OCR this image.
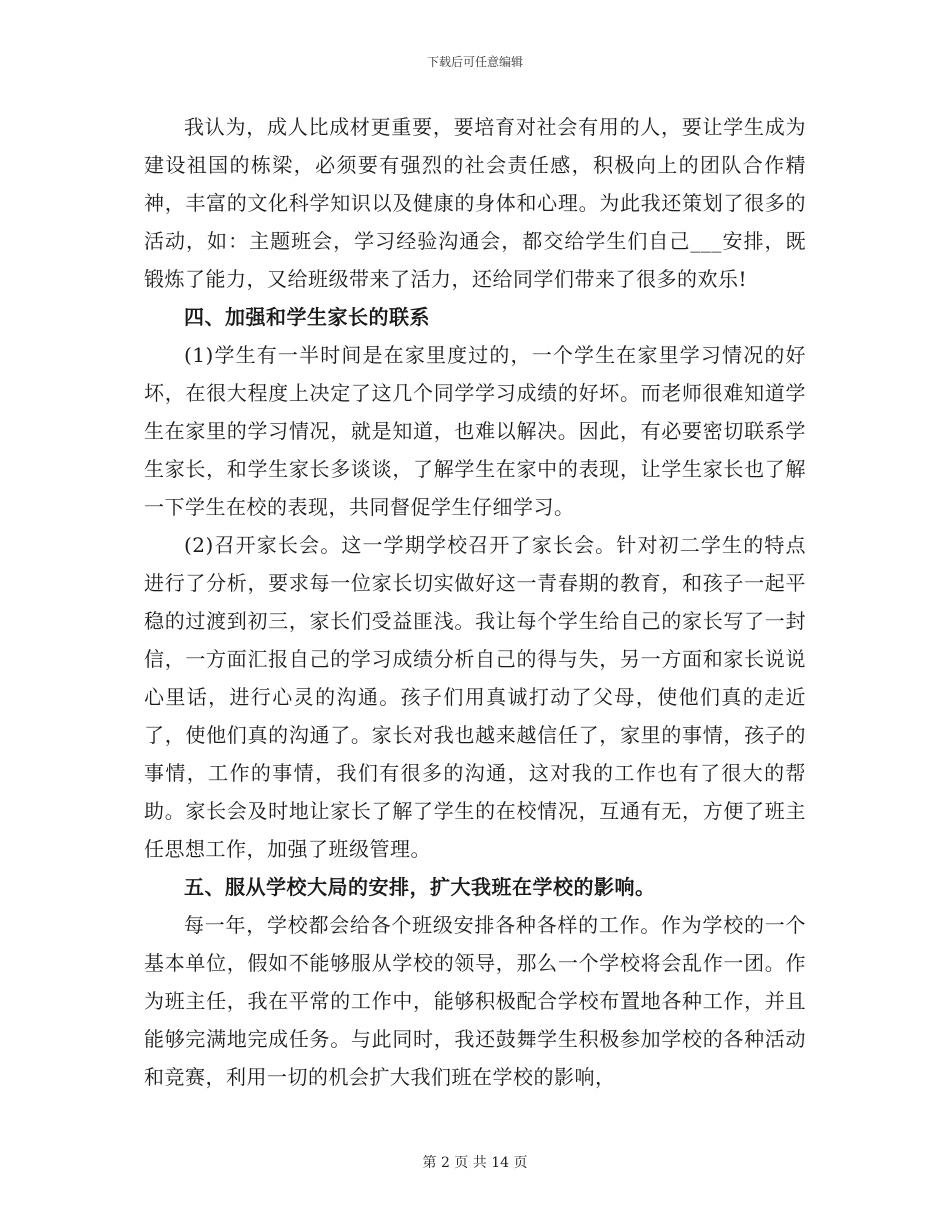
下载后可任意编辑

我认为，成人比成材更重要，要培育对社会有用的人，要让学生成为建设祖国的栋梁，必须要有强烈的社会责任感，积极向上的团队合作精神，丰富的文化科学知识以及健康的身体和心理。为此我还策划了很多的活动，如：主题班会，学习经验沟通会，都交给学生们自己___安排，既锻炼了能力，又给班级带来了活力，还给同学们带来了很多的欢乐!

四、加强和学生家长的联系

(1)学生有一半时间是在家里度过的，一个学生在家里学习情况的好坏，在很大程度上决定了这几个同学学习成绩的好坏。而老师很难知道学生在家里的学习情况，就是知道，也难以解决。因此，有必要密切联系学生家长，和学生家长多谈谈，了解学生在家中的表现，让学生家长也了解一下学生在校的表现，共同督促学生仔细学习。

(2)召开家长会。这一学期学校召开了家长会。针对初二学生的特点进行了分析，要求每一位家长切实做好这一青春期的教育，和孩子一起平稳的过渡到初三，家长们受益匪浅。我让每个学生给自己的家长写了一封信，一方面汇报自己的学习成绩分析自己的得与失，另一方面和家长说说心里话，进行心灵的沟通。孩子们用真诚打动了父母，使他们真的走近了，使他们真的沟通了。家长对我也越来越信任了，家里的事情，孩子的事情，工作的事情，我们有很多的沟通，这对我的工作也有了很大的帮助。家长会及时地让家长了解了学生的在校情况，互通有无，方便了班主任思想工作，加强了班级管理。

五、服从学校大局的安排，扩大我班在学校的影响。

每一年，学校都会给各个班级安排各种各样的工作。作为学校的一个基本单位，假如不能够服从学校的领导，那么一个学校将会乱作一团。作为班主任，我在平常的工作中，能够积极配合学校布置地各种工作，并且能够完满地完成任务。与此同时，我还鼓舞学生积极参加学校的各种活动和竞赛，利用一切的机会扩大我们班在学校的影响，

第 2 页 共 14 页
